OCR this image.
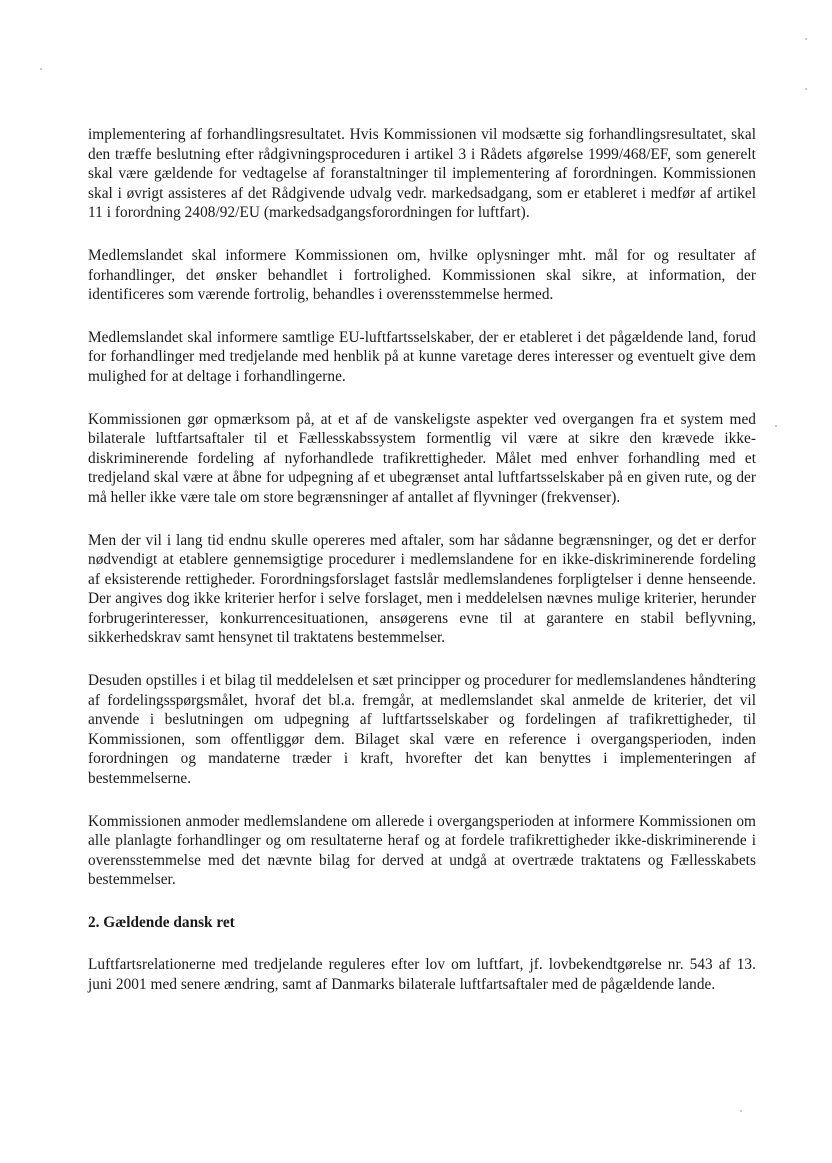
implementering af forhandlingsresultatet. Hvis Kommissionen vil modsætte sig forhandlingsresultatet, skal den træffe beslutning efter rådgivningsproceduren i artikel 3 i Rådets afgørelse 1999/468/EF, som generelt skal være gældende for vedtagelse af foranstaltninger til implementering af forordningen. Kommissionen skal i øvrigt assisteres af det Rådgivende udvalg vedr. markedsadgang, som er etableret i medfør af artikel 11 i forordning 2408/92/EU (markedsadgangsforordningen for luftfart).

Medlemslandet skal informere Kommissionen om, hvilke oplysninger mht. mål for og resultater af forhandlinger, det ønsker behandlet i fortrolighed. Kommissionen skal sikre, at information, der identificeres som værende fortrolig, behandles i overensstemmelse hermed.

Medlemslandet skal informere samtlige EU-luftfartsselskaber, der er etableret i det pågældende land, forud for forhandlinger med tredjelande med henblik på at kunne varetage deres interesser og eventuelt give dem mulighed for at deltage i forhandlingerne.

Kommissionen gør opmærksom på, at et af de vanskeligste aspekter ved overgangen fra et system med bilaterale luftfartsaftaler til et Fællesskabssystem formentlig vil være at sikre den krævede ikke-diskriminerende fordeling af nyforhandlede trafikrettigheder. Målet med enhver forhandling med et tredjeland skal være at åbne for udpegning af et ubegrænset antal luftfartsselskaber på en given rute, og der må heller ikke være tale om store begrænsninger af antallet af flyvninger (frekvenser).

Men der vil i lang tid endnu skulle opereres med aftaler, som har sådanne begrænsninger, og det er derfor nødvendigt at etablere gennemsigtige procedurer i medlemslandene for en ikke-diskriminerende fordeling af eksisterende rettigheder. Forordningsforslaget fastslår medlemslandenes forpligtelser i denne henseende. Der angives dog ikke kriterier herfor i selve forslaget, men i meddelelsen nævnes mulige kriterier, herunder forbrugerinteresser, konkurrencesituationen, ansøgerens evne til at garantere en stabil beflyvning, sikkerhedskrav samt hensynet til traktatens bestemmelser.

Desuden opstilles i et bilag til meddelelsen et sæt principper og procedurer for medlemslandenes håndtering af fordelingsspørgsmålet, hvoraf det bl.a. fremgår, at medlemslandet skal anmelde de kriterier, det vil anvende i beslutningen om udpegning af luftfartsselskaber og fordelingen af trafikrettigheder, til Kommissionen, som offentliggør dem. Bilaget skal være en reference i overgangsperioden, inden forordningen og mandaterne træder i kraft, hvorefter det kan benyttes i implementeringen af bestemmelserne.

Kommissionen anmoder medlemslandene om allerede i overgangsperioden at informere Kommissionen om alle planlagte forhandlinger og om resultaterne heraf og at fordele trafikrettigheder ikke-diskriminerende i overensstemmelse med det nævnte bilag for derved at undgå at overtræde traktatens og Fællesskabets bestemmelser.

2. Gældende dansk ret

Luftfartsrelationerne med tredjelande reguleres efter lov om luftfart, jf. lovbekendtgørelse nr. 543 af 13. juni 2001 med senere ændring, samt af Danmarks bilaterale luftfartsaftaler med de pågældende lande.
